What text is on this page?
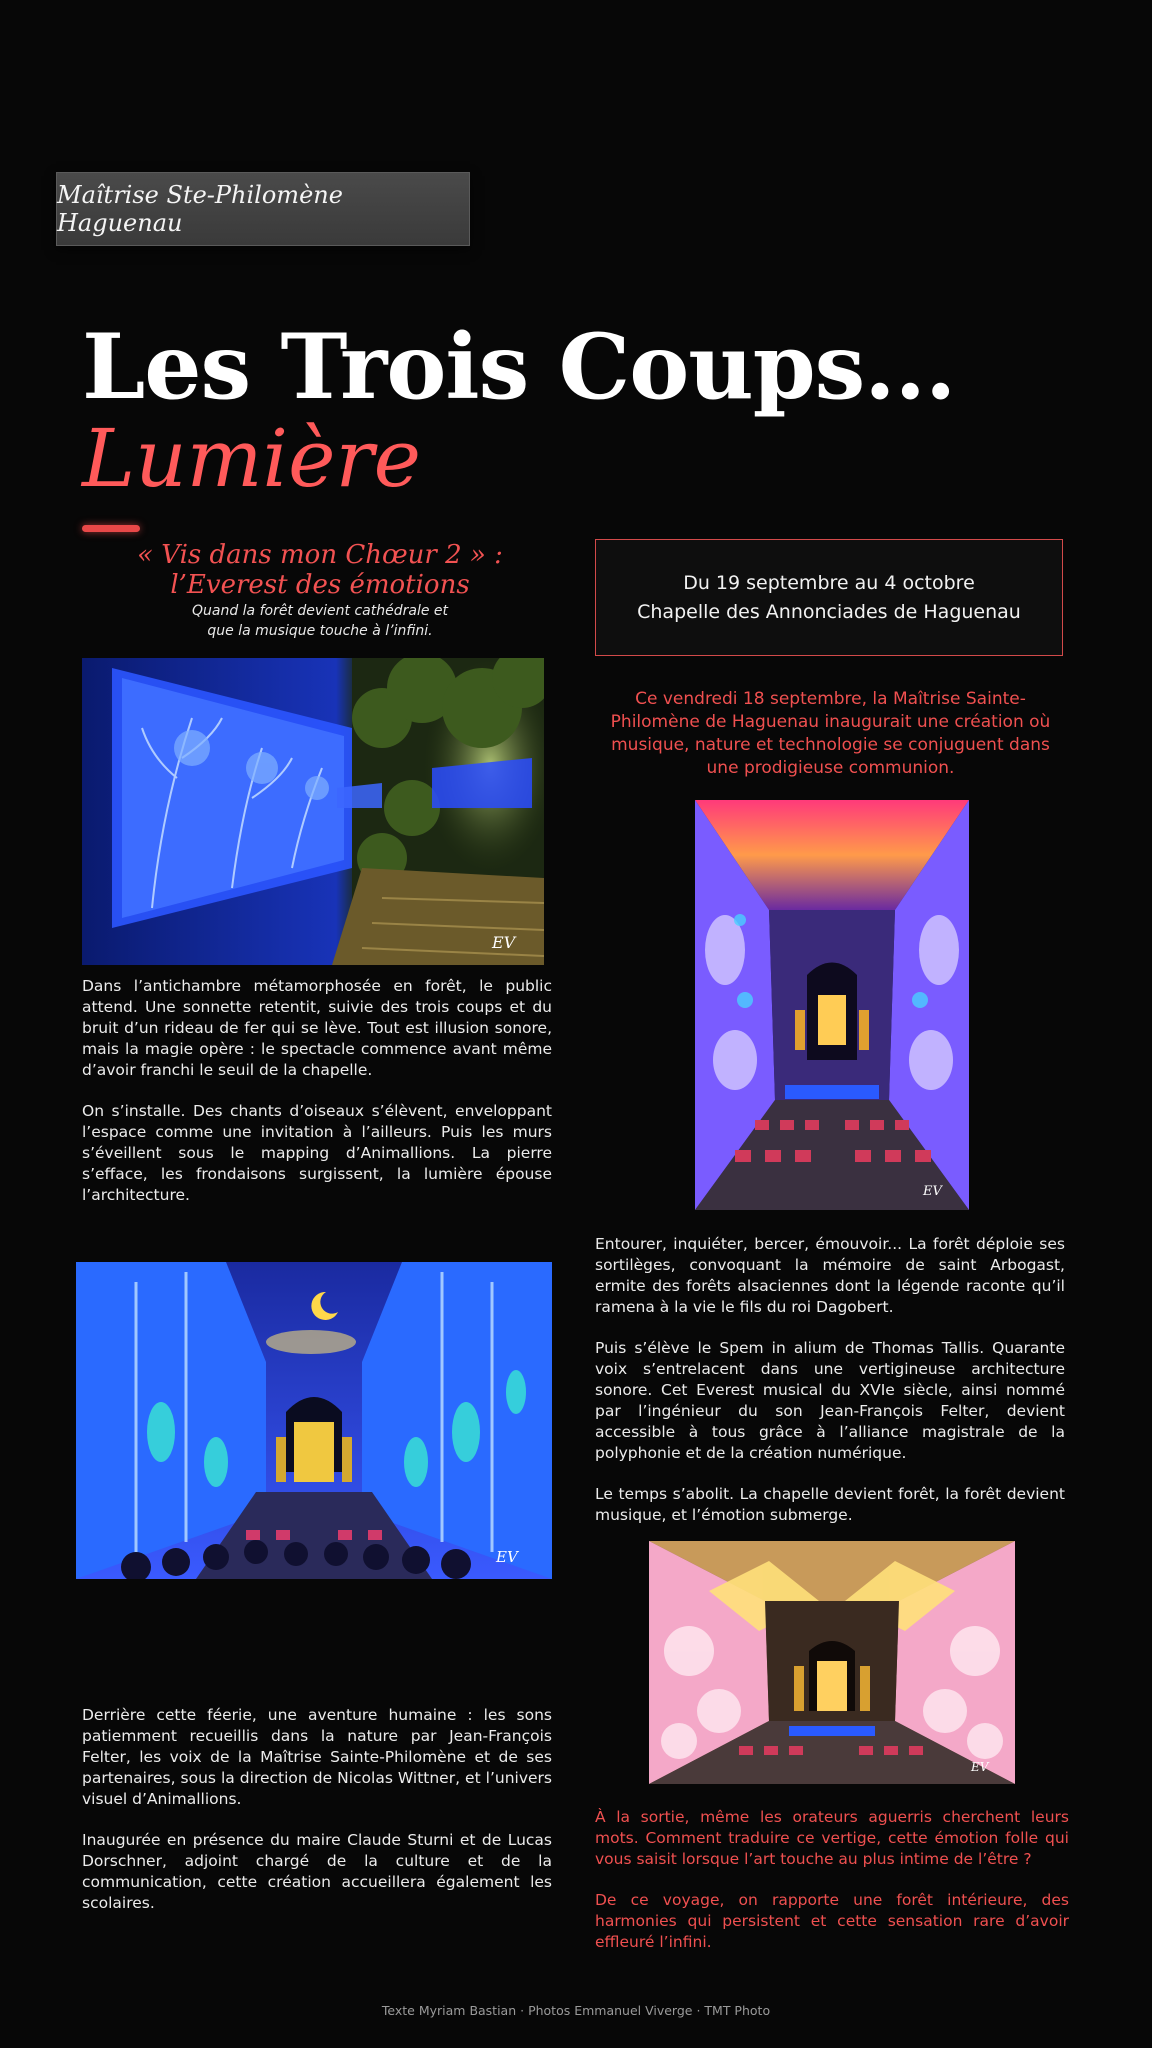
Maîtrise Ste-Philomène Haguenau
Les Trois Coups...
Lumière
« Vis dans mon Chœur 2 » :
l’Everest des émotions
Quand la forêt devient cathédrale et
que la musique touche à l’infini.
Du 19 septembre au 4 octobre
Chapelle des Annonciades de Haguenau
Ce vendredi 18 septembre, la Maîtrise Sainte-Philomène de Haguenau inaugurait une création où musique, nature et technologie se conjuguent dans une prodigieuse communion.
EV

Dans l’antichambre métamorphosée en forêt, le public attend. Une sonnette retentit, suivie des trois coups et du bruit d’un rideau de fer qui se lève. Tout est illusion sonore, mais la magie opère : le spectacle commence avant même d’avoir franchi le seuil de la chapelle.

On s’installe. Des chants d’oiseaux s’élèvent, enveloppant l’espace comme une invitation à l’ailleurs. Puis les murs s’éveillent sous le mapping d’Animallions. La pierre s’efface, les frondaisons surgissent, la lumière épouse l’architecture.	EV

Entourer, inquiéter, bercer, émouvoir... La forêt déploie ses sortilèges, convoquant la mémoire de saint Arbogast, ermite des forêts alsaciennes dont la légende raconte qu’il ramena à la vie le fils du roi Dagobert.

Puis s’élève le Spem in alium de Thomas Tallis. Quarante voix s’entrelacent dans une vertigineuse architecture sonore. Cet Everest musical du XVIe siècle, ainsi nommé par l’ingénieur du son Jean-François Felter, devient accessible à tous grâce à l’alliance magistrale de la polyphonie et de la création numérique.

Le temps s’abolit. La chapelle devient forêt, la forêt devient musique, et l’émotion submerge.

EV
EV

Derrière cette féerie, une aventure humaine : les sons patiemment recueillis dans la nature par Jean-François Felter, les voix de la Maîtrise Sainte-Philomène et de ses partenaires, sous la direction de Nicolas Wittner, et l’univers visuel d’Animallions.

Inaugurée en présence du maire Claude Sturni et de Lucas Dorschner, adjoint chargé de la culture et de la communication, cette création accueillera également les scolaires.

À la sortie, même les orateurs aguerris cherchent leurs mots. Comment traduire ce vertige, cette émotion folle qui vous saisit lorsque l’art touche au plus intime de l’être ?

De ce voyage, on rapporte une forêt intérieure, des harmonies qui persistent et cette sensation rare d’avoir effleuré l’infini.

Texte Myriam Bastian · Photos Emmanuel Viverge · TMT Photo
